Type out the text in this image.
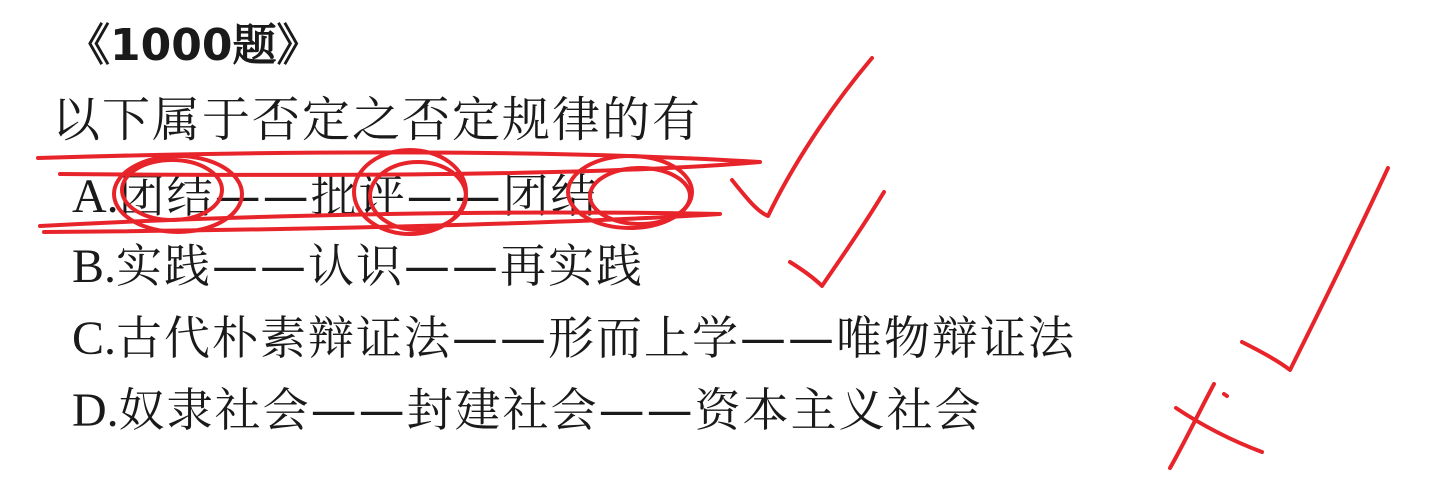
《1000题》
以下属于否定之否定规律的有
A. 团结——批评——团结
B. 实践——认识——再实践
C. 古代朴素辩证法——形而上学——唯物辩证法
D. 奴隶社会——封建社会——资本主义社会
